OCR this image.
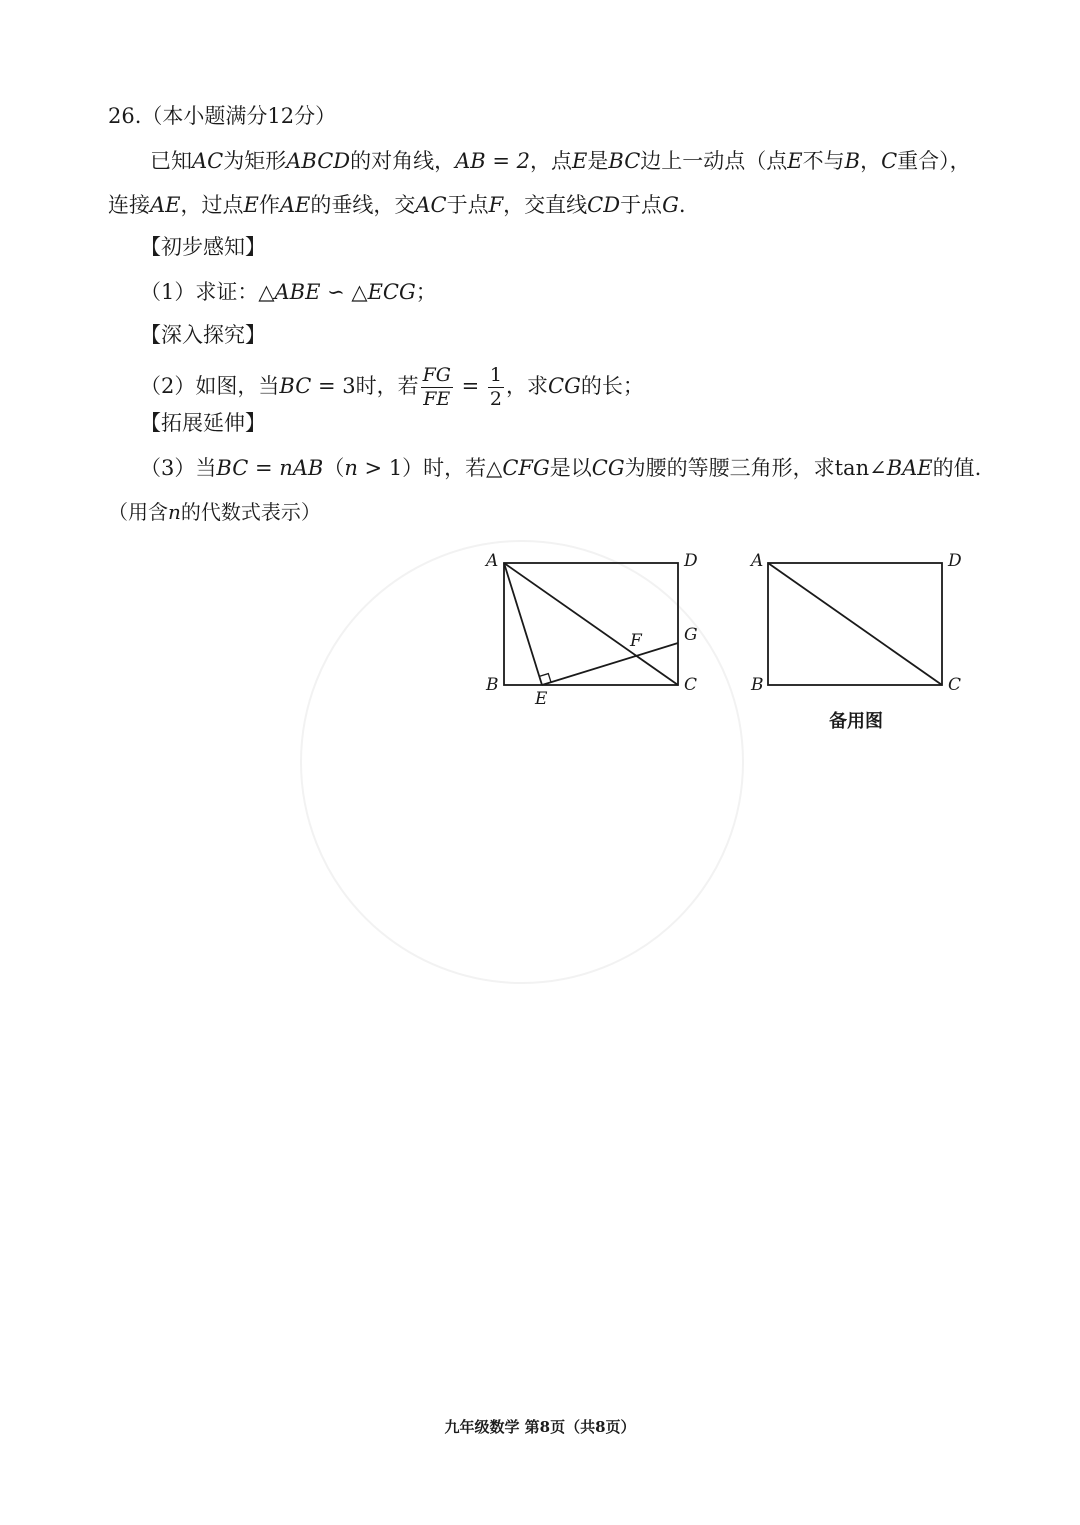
26.（本小题满分12分）
已知AC为矩形ABCD的对角线，AB = 2，点E是BC边上一动点（点E不与B，C重合），
连接AE，过点E作AE的垂线，交AC于点F，交直线CD于点G.
【初步感知】
（1）求证：△ABE ∽ △ECG；
【深入探究】
（2）如图，当BC = 3时，若 $\frac{FG}{FE} = \frac{1}{2}$ ，求CG的长；
【拓展延伸】
（3）当BC = nAB（n > 1）时，若△CFG是以CG为腰的等腰三角形，求tan∠BAE的值.
（用含n的代数式表示）
A	D
B	C
E
F G
A	D
B	C
备用图
九年级数学 第8页（共8页）
